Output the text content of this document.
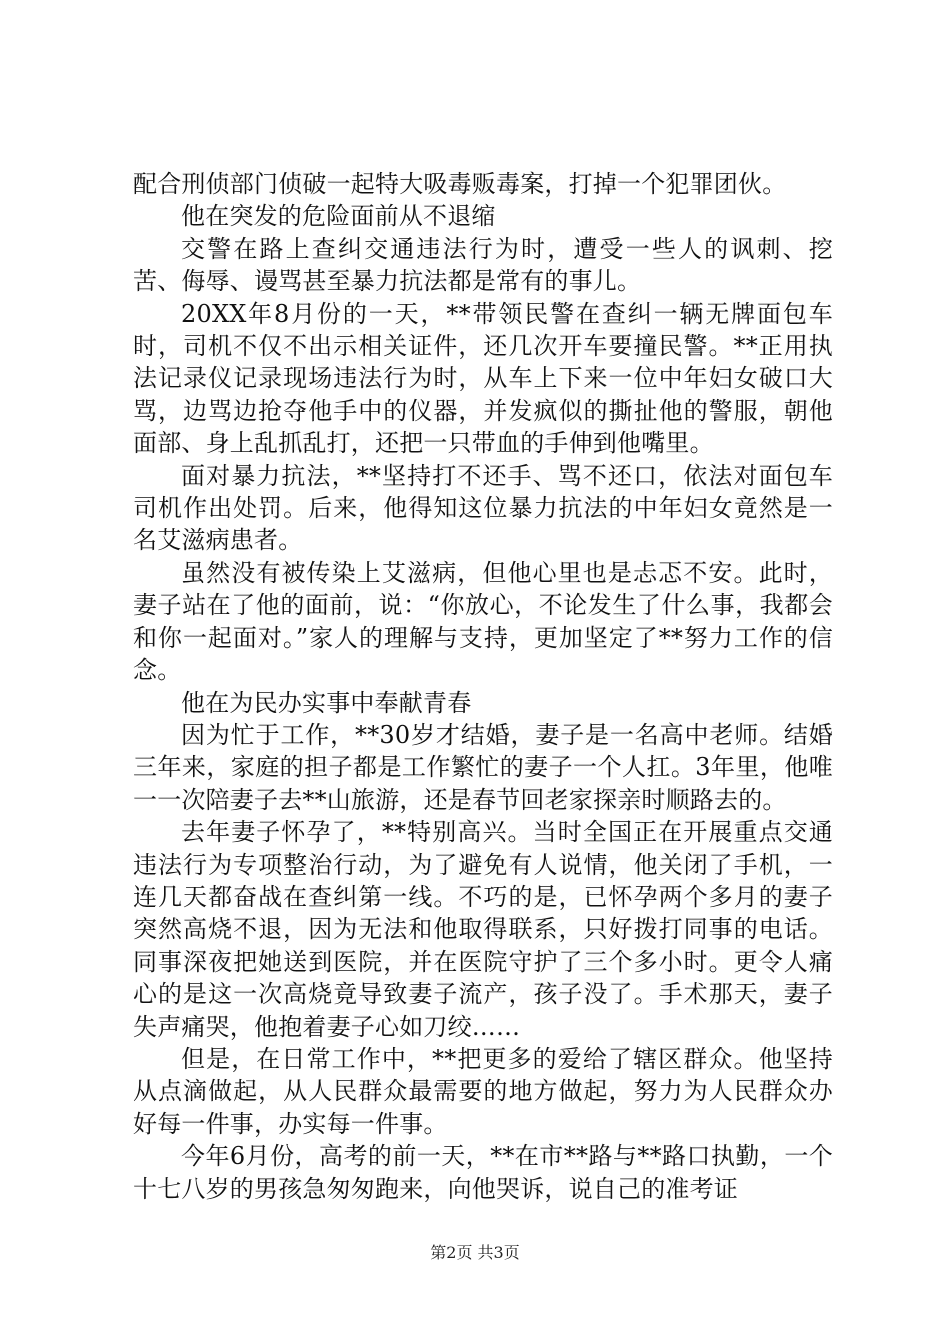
配合刑侦部门侦破一起特大吸毒贩毒案，打掉一个犯罪团伙。

他在突发的危险面前从不退缩

交警在路上查纠交通违法行为时，遭受一些人的讽刺、挖苦、侮辱、谩骂甚至暴力抗法都是常有的事儿。

20XX年8月份的一天，**带领民警在查纠一辆无牌面包车时，司机不仅不出示相关证件，还几次开车要撞民警。**正用执法记录仪记录现场违法行为时，从车上下来一位中年妇女破口大骂，边骂边抢夺他手中的仪器，并发疯似的撕扯他的警服，朝他面部、身上乱抓乱打，还把一只带血的手伸到他嘴里。

面对暴力抗法，**坚持打不还手、骂不还口，依法对面包车司机作出处罚。后来，他得知这位暴力抗法的中年妇女竟然是一名艾滋病患者。

虽然没有被传染上艾滋病，但他心里也是忐忑不安。此时，妻子站在了他的面前，说：“你放心，不论发生了什么事，我都会和你一起面对。”家人的理解与支持，更加坚定了**努力工作的信念。

他在为民办实事中奉献青春

因为忙于工作，**30岁才结婚，妻子是一名高中老师。结婚三年来，家庭的担子都是工作繁忙的妻子一个人扛。3年里，他唯一一次陪妻子去**山旅游，还是春节回老家探亲时顺路去的。

去年妻子怀孕了，**特别高兴。当时全国正在开展重点交通违法行为专项整治行动，为了避免有人说情，他关闭了手机，一连几天都奋战在查纠第一线。不巧的是，已怀孕两个多月的妻子突然高烧不退，因为无法和他取得联系，只好拨打同事的电话。同事深夜把她送到医院，并在医院守护了三个多小时。更令人痛心的是这一次高烧竟导致妻子流产，孩子没了。手术那天，妻子失声痛哭，他抱着妻子心如刀绞……

但是，在日常工作中，**把更多的爱给了辖区群众。他坚持从点滴做起，从人民群众最需要的地方做起，努力为人民群众办好每一件事，办实每一件事。

今年6月份，高考的前一天，**在市**路与**路口执勤，一个十七八岁的男孩急匆匆跑来，向他哭诉，说自己的准考证

第2页 共3页
